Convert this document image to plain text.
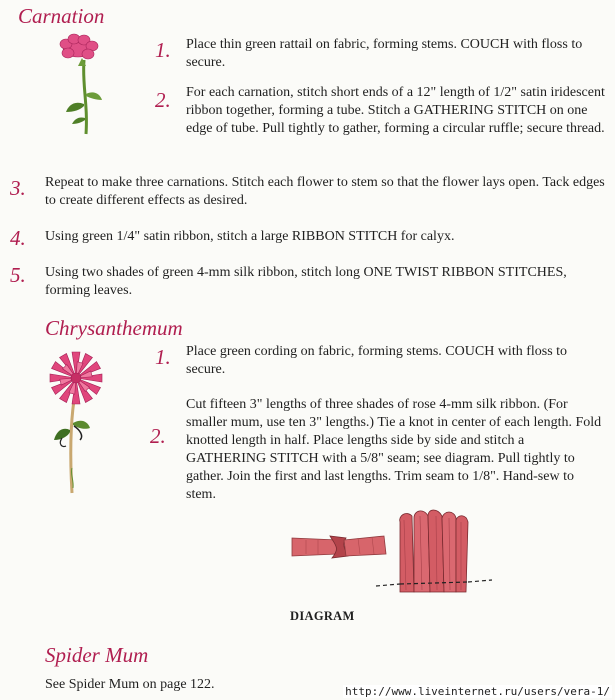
Carnation
1. Place thin green rattail on fabric, forming stems. COUCH with floss to secure.

2. For each carnation, stitch short ends of a 12" length of 1/2" satin iridescent ribbon together, forming a tube. Stitch a GATHERING STITCH on one edge of tube. Pull tightly to gather, forming a circular ruffle; secure thread.

3. Repeat to make three carnations. Stitch each flower to stem so that the flower lays open. Tack edges to create different effects as desired.

4. Using green 1/4" satin ribbon, stitch a large RIBBON STITCH for calyx.

5. Using two shades of green 4-mm silk ribbon, stitch long ONE TWIST RIBBON STITCHES, forming leaves.

Chrysanthemum
1. Place green cording on fabric, forming stems. COUCH with floss to secure.

2.

Cut fifteen 3" lengths of three shades of rose 4-mm silk ribbon. (For smaller mum, use ten 3" lengths.) Tie a knot in center of each length. Fold knotted length in half. Place lengths side by side and stitch a GATHERING STITCH with a 5/8" seam; see diagram. Pull tightly to gather. Join the first and last lengths. Trim seam to 1/8". Hand-sew to stem.

DIAGRAM
Spider Mum

See Spider Mum on page 122.	http://www.liveinternet.ru/users/vera-1/
